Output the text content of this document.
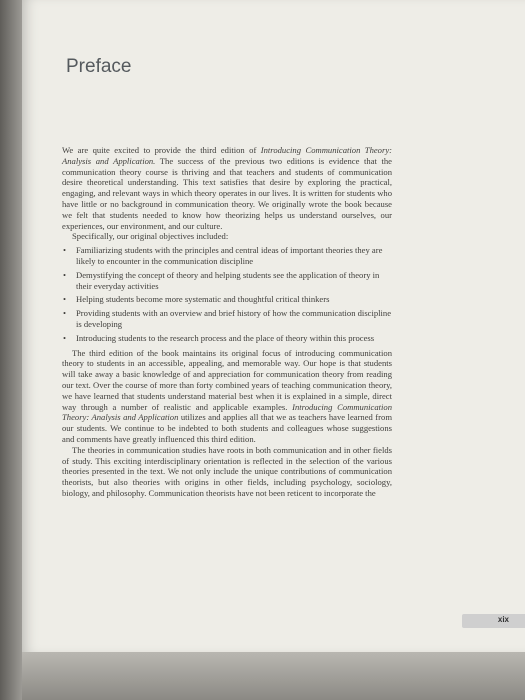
Preface

We are quite excited to provide the third edition of Introducing Communication Theory: Analysis and Application. The success of the previous two editions is evidence that the communication theory course is thriving and that teachers and students of communication desire theoretical understanding. This text satisfies that desire by exploring the practical, engaging, and relevant ways in which theory operates in our lives. It is written for students who have little or no background in communication theory. We originally wrote the book because we felt that students needed to know how theorizing helps us understand ourselves, our experiences, our environment, and our culture.

Specifically, our original objectives included:

• Familiarizing students with the principles and central ideas of important theories they are likely to encounter in the communication discipline
• Demystifying the concept of theory and helping students see the application of theory in their everyday activities
• Helping students become more systematic and thoughtful critical thinkers
• Providing students with an overview and brief history of how the communication discipline is developing
• Introducing students to the research process and the place of theory within this process

The third edition of the book maintains its original focus of introducing communication theory to students in an accessible, appealing, and memorable way. Our hope is that students will take away a basic knowledge of and appreciation for communication theory from reading our text. Over the course of more than forty combined years of teaching communication theory, we have learned that students understand material best when it is explained in a simple, direct way through a number of realistic and applicable examples. Introducing Communication Theory: Analysis and Application utilizes and applies all that we as teachers have learned from our students. We continue to be indebted to both students and colleagues whose suggestions and comments have greatly influenced this third edition.

The theories in communication studies have roots in both communication and in other fields of study. This exciting interdisciplinary orientation is reflected in the selection of the various theories presented in the text. We not only include the unique contributions of communication theorists, but also theories with origins in other fields, including psychology, sociology, biology, and philosophy. Communication theorists have not been reticent to incorporate the

xix
